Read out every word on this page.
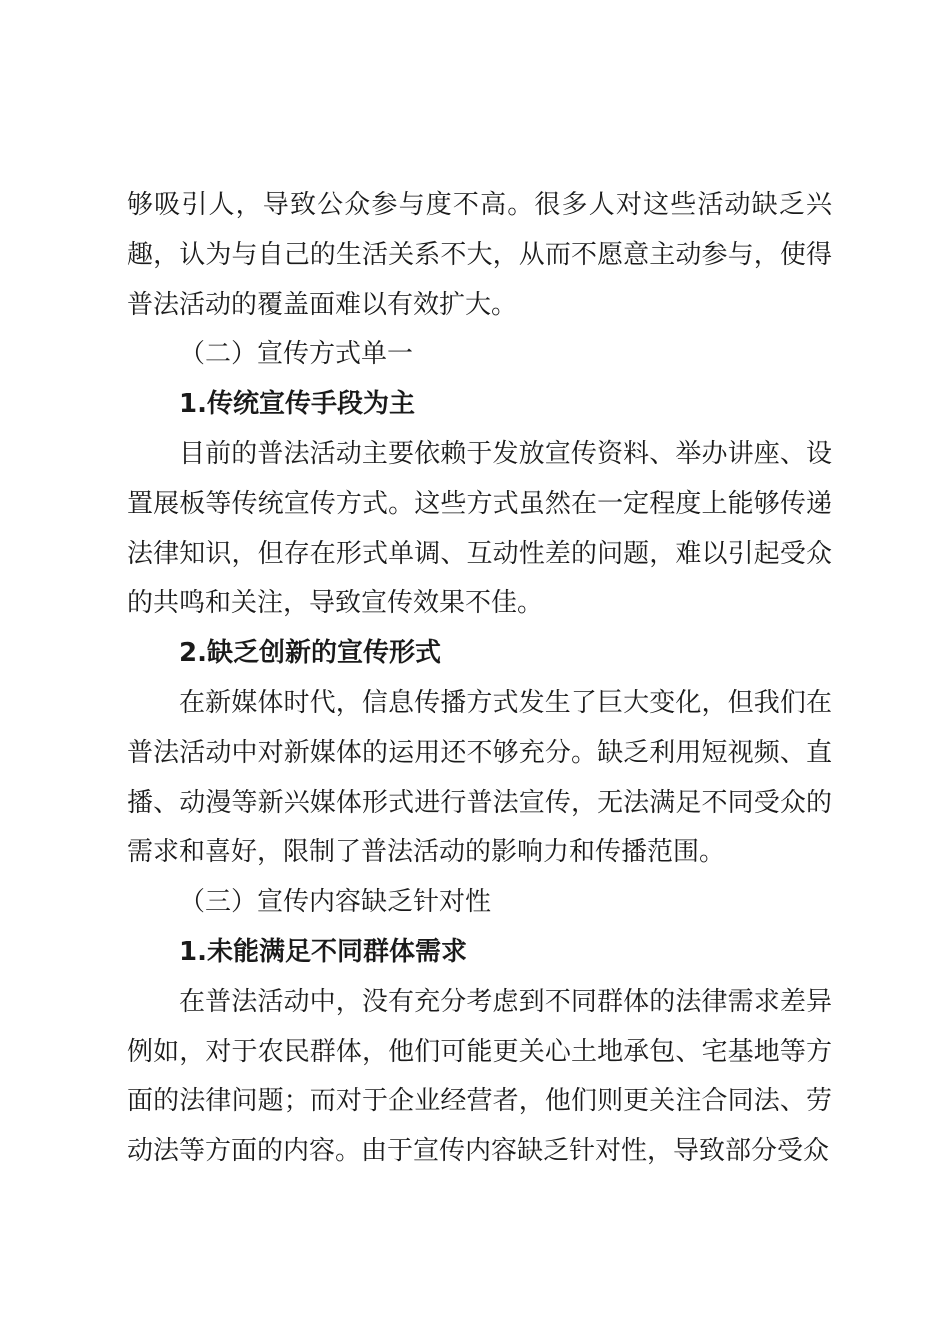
够吸引人，导致公众参与度不高。很多人对这些活动缺乏兴趣，认为与自己的生活关系不大，从而不愿意主动参与，使得普法活动的覆盖面难以有效扩大。

（二）宣传方式单一

1.传统宣传手段为主

目前的普法活动主要依赖于发放宣传资料、举办讲座、设置展板等传统宣传方式。这些方式虽然在一定程度上能够传递法律知识，但存在形式单调、互动性差的问题，难以引起受众的共鸣和关注，导致宣传效果不佳。

2.缺乏创新的宣传形式

在新媒体时代，信息传播方式发生了巨大变化，但我们在普法活动中对新媒体的运用还不够充分。缺乏利用短视频、直播、动漫等新兴媒体形式进行普法宣传，无法满足不同受众的需求和喜好，限制了普法活动的影响力和传播范围。

（三）宣传内容缺乏针对性

1.未能满足不同群体需求

在普法活动中，没有充分考虑到不同群体的法律需求差异例如，对于农民群体，他们可能更关心土地承包、宅基地等方面的法律问题；而对于企业经营者，他们则更关注合同法、劳动法等方面的内容。由于宣传内容缺乏针对性，导致部分受众
